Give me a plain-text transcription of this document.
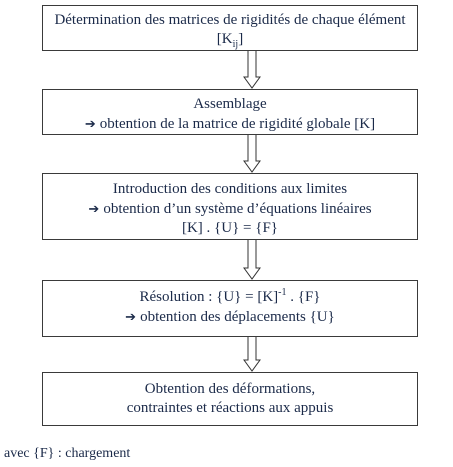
Détermination des matrices de rigidités de chaque élément
$[K_{ij}]$
Assemblage
➔ obtention de la matrice de rigidité globale [K]
Introduction des conditions aux limites
➔ obtention d’un système d’équations linéaires
[K] . {U} = {F}
Résolution : $\{U\} = [K]^{-1}$ . {F}
➔ obtention des déplacements {U}
Obtention des déformations,
contraintes et réactions aux appuis
avec {F} : chargement
